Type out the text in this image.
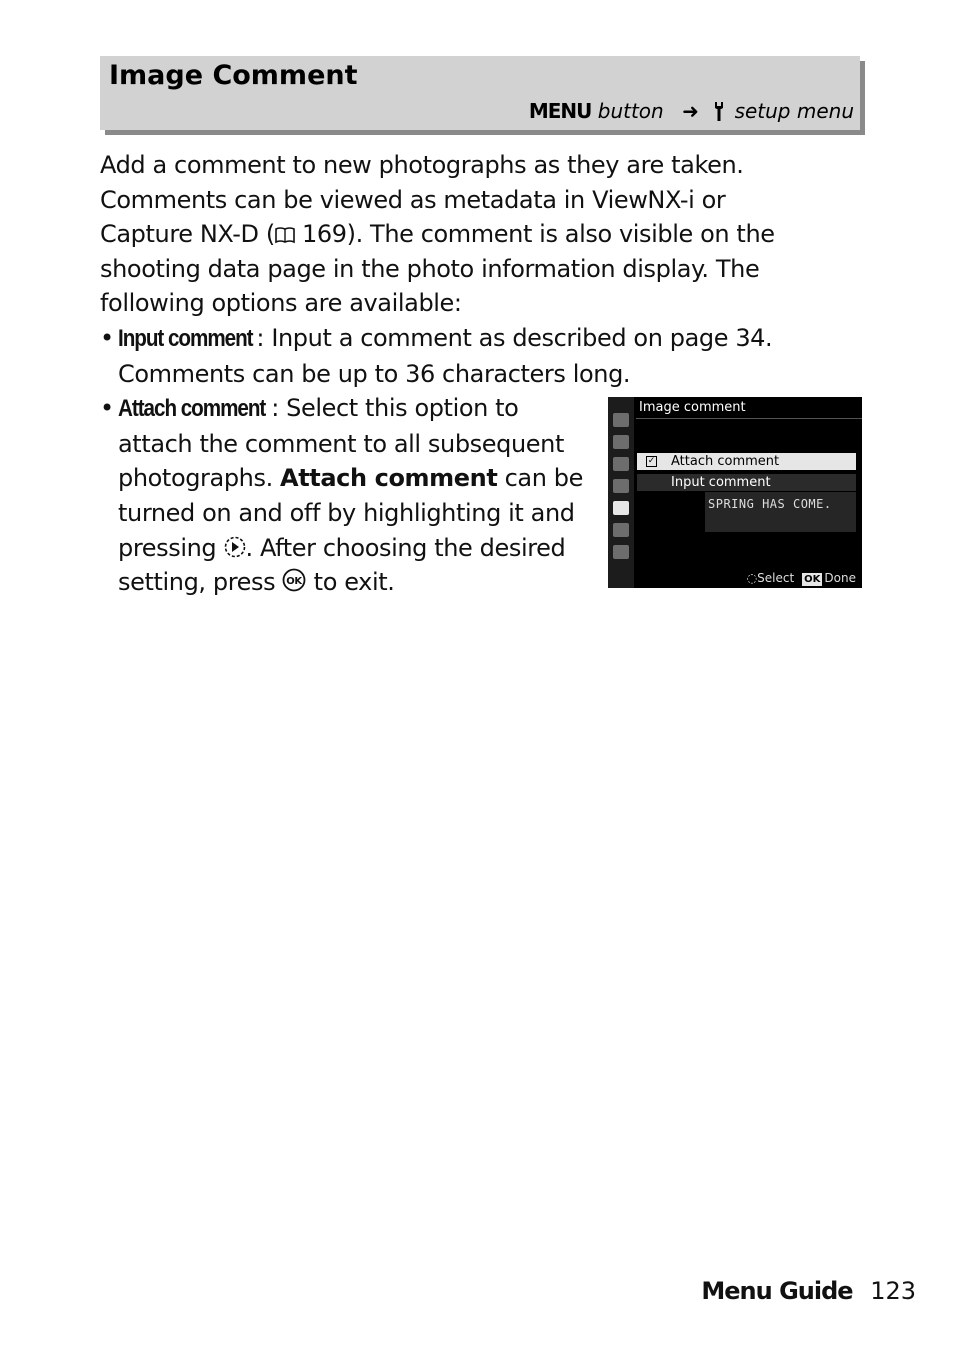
Image Comment
MENU button ➜ setup menu

Add a comment to new photographs as they are taken. Comments can be viewed as metadata in ViewNX-i or Capture NX-D ( 169). The comment is also visible on the shooting data page in the photo information display. The following options are available:

• Input comment : Input a comment as described on page 34. Comments can be up to 36 characters long.

• Attach comment : Select this option to attach the comment to all subsequent photographs. Attach comment can be turned on and off by highlighting it and pressing . After choosing the desired setting, press OK to exit.

Image comment
✓ Attach comment
Input comment
SPRING HAS COME.
◌Select OK Done
Menu Guide 123
